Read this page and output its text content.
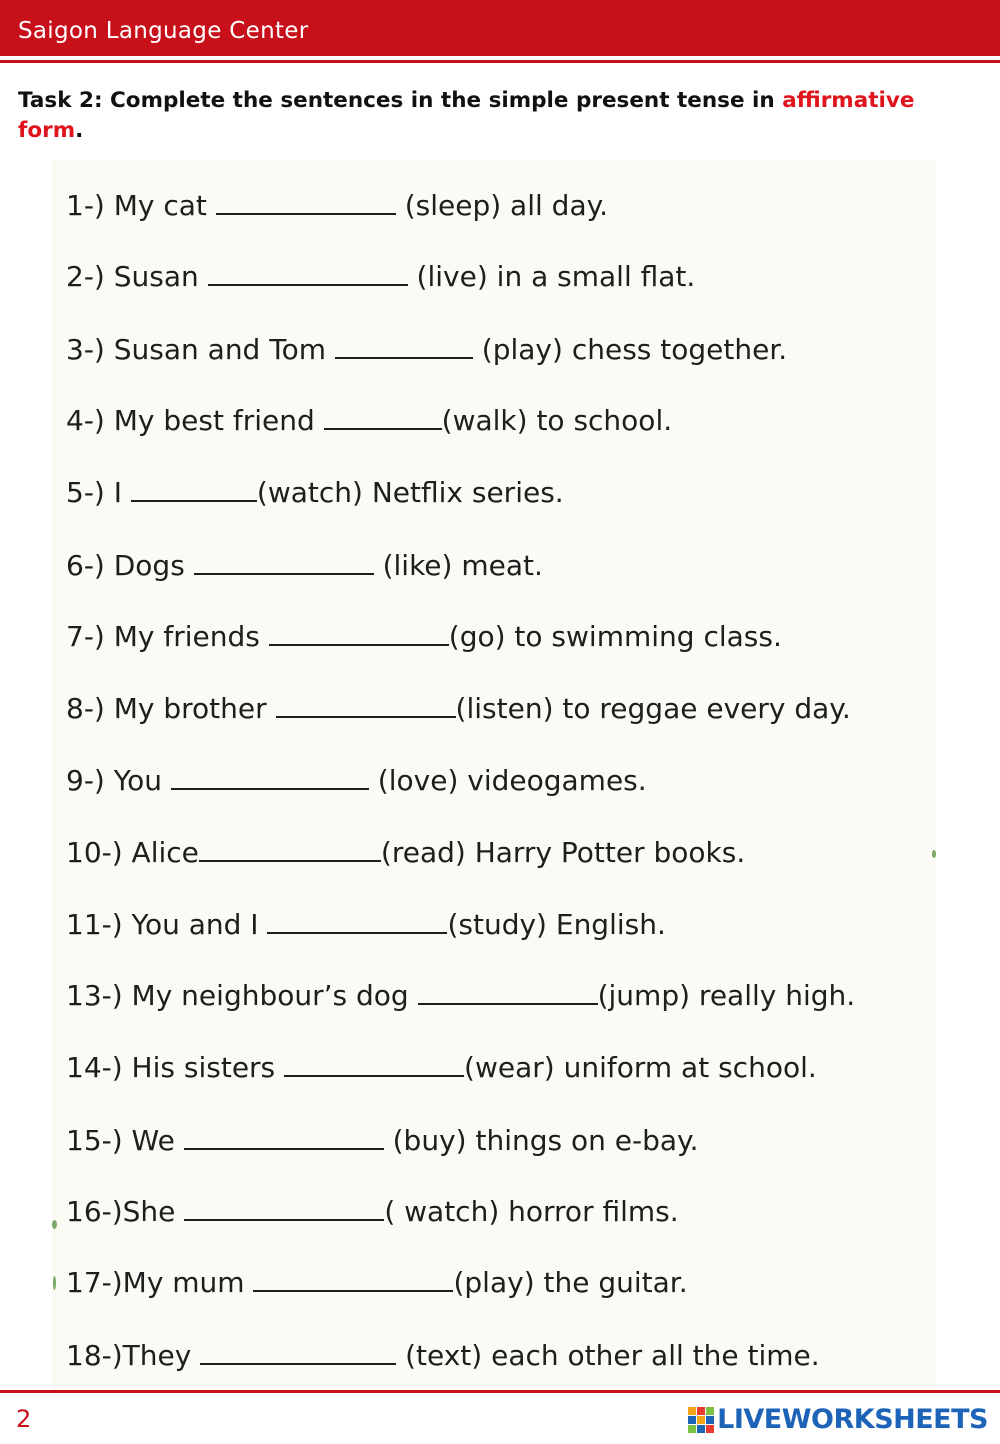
Saigon Language Center
Task 2: Complete the sentences in the simple present tense in affirmative
form.
1-) My cat	(sleep) all day.
2-) Susan	(live) in a small flat.
3-) Susan and Tom	(play) chess together.
4-) My best friend	(walk) to school.
5-) I	(watch) Netflix series.
6-) Dogs	(like) meat.
7-) My friends	(go) to swimming class.
8-) My brother	(listen) to reggae every day.
9-) You	(love) videogames.
10-) Alice	(read) Harry Potter books.
11-) You and I	(study) English.
13-) My neighbour’s dog	(jump) really high.
14-) His sisters	(wear) uniform at school.
15-) We	(buy) things on e-bay.
16-)She	( watch) horror films.
17-)My mum	(play) the guitar.
18-)They	(text) each other all the time.
2	LIVEWORKSHEETS
